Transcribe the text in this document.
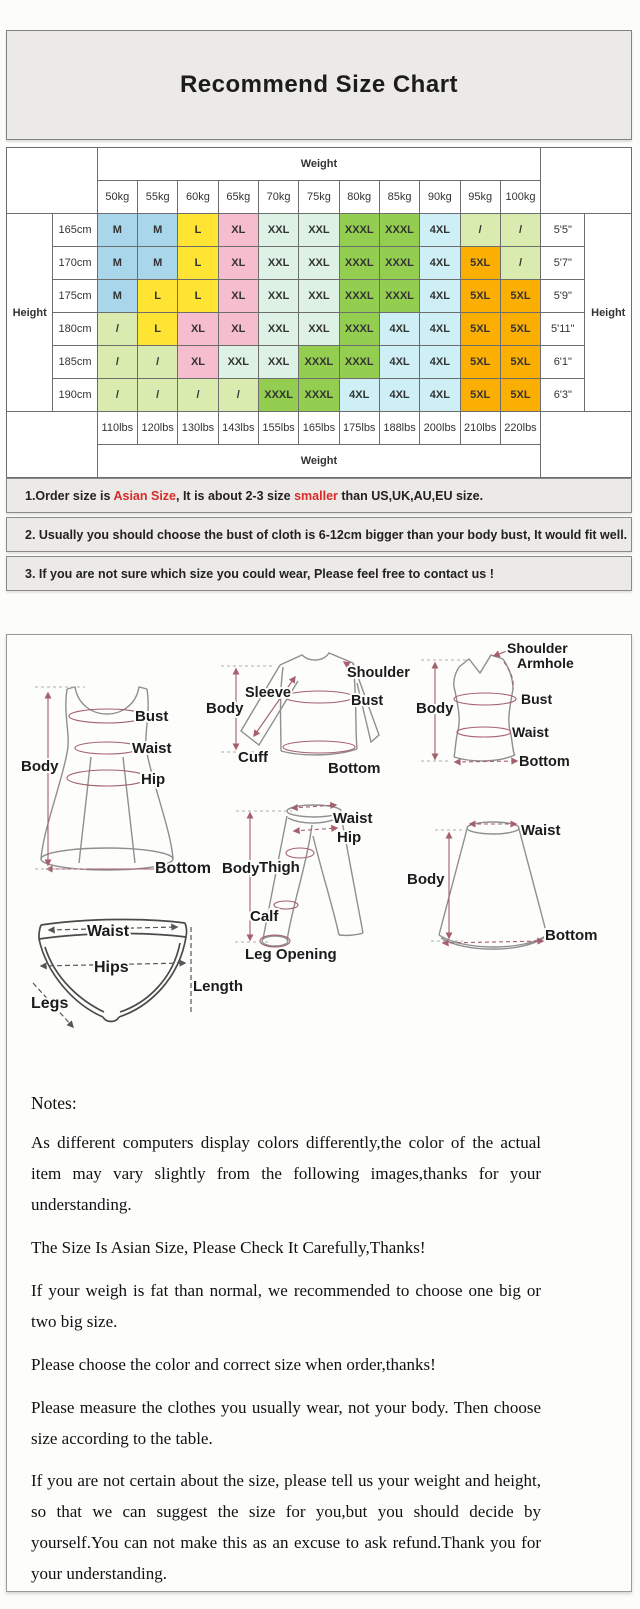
Recommend Size Chart
		Weight												
		50kg	55kg	60kg	65kg	70kg	75kg	80kg	85kg	90kg	95kg	100kg		
Height	165cm	M	M	L	XL	XXL	XXL	XXXL	XXXL	4XL	/	/	5'5"	Height
	170cm	M	M	L	XL	XXL	XXL	XXXL	XXXL	4XL	5XL	/	5'7"	
	175cm	M	L	L	XL	XXL	XXL	XXXL	XXXL	4XL	5XL	5XL	5'9"	
	180cm	/	L	XL	XL	XXL	XXL	XXXL	4XL	4XL	5XL	5XL	5'11"	
	185cm	/	/	XL	XXL	XXL	XXXL	XXXL	4XL	4XL	5XL	5XL	6'1"	
	190cm	/	/	/	/	XXXL	XXXL	4XL	4XL	4XL	5XL	5XL	6'3"	
		110lbs	120lbs	130lbs	143lbs	155lbs	165lbs	175lbs	188lbs	200lbs	210lbs	220lbs		
		Weight												
1.Order size is Asian Size, It is about 2-3 size smaller than US,UK,AU,EU size.
2. Usually you should choose the bust of cloth is 6-12cm bigger than your body bust, It would fit well.
3. If you are not sure which size you could wear, Please feel free to contact us !
Body
Bust
Waist
Hip
Bottom
Sleeve
Shoulder
Body	Bust
Cuff
Bottom
Shoulder
Armhole
Body
Bust
Waist
Bottom
Waist
Hip
Body Thigh
Calf
Leg Opening
Waist
Body
Bottom
Waist
Hips
Legs
Length
Notes:

As different computers display colors differently,the color of the actual item may vary slightly from the following images,thanks for your understanding.

The Size Is Asian Size, Please Check It Carefully,Thanks!

If your weigh is fat than normal, we recommended to choose one big or two big size.

Please choose the color and correct size when order,thanks!

Please measure the clothes you usually wear, not your body. Then choose size according to the table.

If you are not certain about the size, please tell us your weight and height, so that we can suggest the size for you,but you should decide by yourself.You can not make this as an excuse to ask refund.Thank you for your understanding.
